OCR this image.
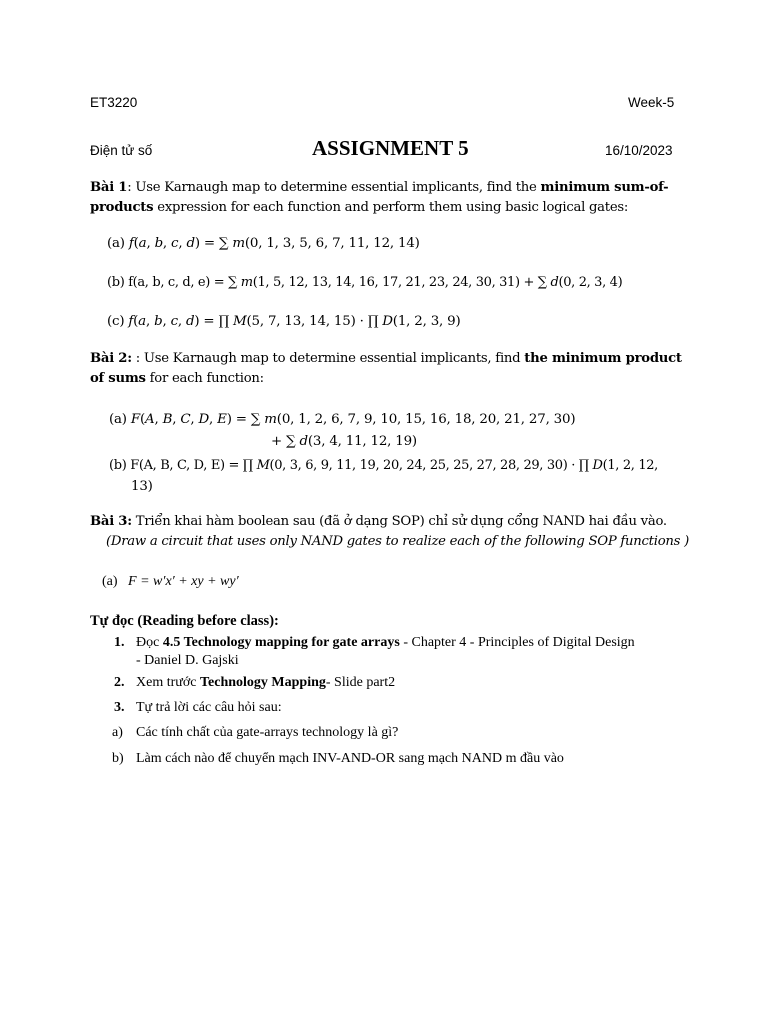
ET3220	Week-5
Điện tử số	ASSIGNMENT 5	16/10/2023
Bài 1: Use Karnaugh map to determine essential implicants, find the minimum sum-of-
products expression for each function and perform them using basic logical gates:
(a) 𝑓(𝑎, 𝑏, 𝑐, 𝑑) = ∑ 𝑚(0, 1, 3, 5, 6, 7, 11, 12, 14)
(b) f(a, b, c, d, e) = ∑ 𝑚(1, 5, 12, 13, 14, 16, 17, 21, 23, 24, 30, 31) + ∑ 𝑑(0, 2, 3, 4)
(c) 𝑓(𝑎, 𝑏, 𝑐, 𝑑) = ∏ 𝑀(5, 7, 13, 14, 15) · ∏ 𝐷(1, 2, 3, 9)
Bài 2: : Use Karnaugh map to determine essential implicants, find the minimum product
of sums for each function:
(a) 𝐹(𝐴, 𝐵, 𝐶, 𝐷, 𝐸) = ∑ 𝑚(0, 1, 2, 6, 7, 9, 10, 15, 16, 18, 20, 21, 27, 30)
+ ∑ 𝑑(3, 4, 11, 12, 19)
(b) F(A, B, C, D, E) = ∏ 𝑀(0, 3, 6, 9, 11, 19, 20, 24, 25, 25, 27, 28, 29, 30) · ∏ 𝐷(1, 2, 12,
13)
Bài 3: Triển khai hàm boolean sau (đã ở dạng SOP) chỉ sử dụng cổng NAND hai đầu vào.
(Draw a circuit that uses only NAND gates to realize each of the following SOP functions )
(a) F = w′x′ + xy + wy′
Tự đọc (Reading before class):
1. Đọc 4.5 Technology mapping for gate arrays - Chapter 4 - Principles of Digital Design
- Daniel D. Gajski
2. Xem trước Technology Mapping- Slide part2
3. Tự trả lời các câu hỏi sau:
a) Các tính chất của gate-arrays technology là gì?
b) Làm cách nào để chuyển mạch INV-AND-OR sang mạch NAND m đầu vào
